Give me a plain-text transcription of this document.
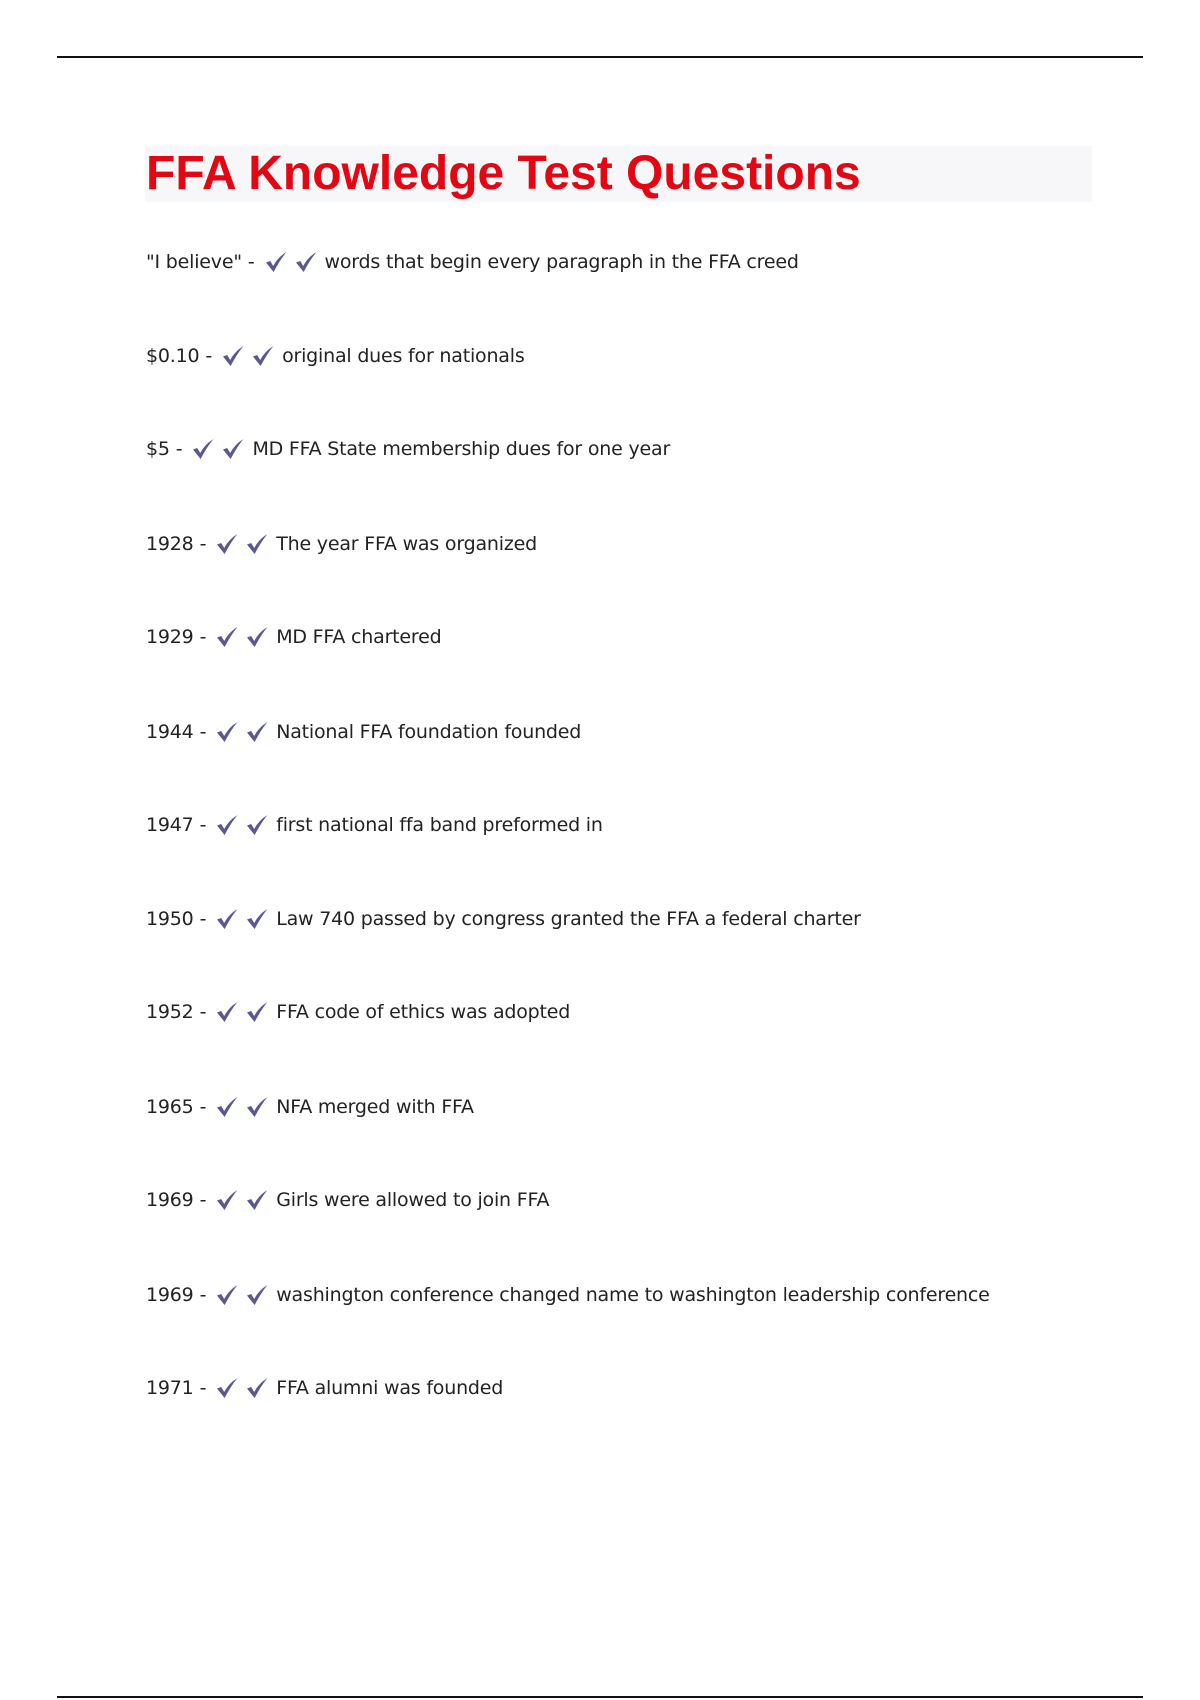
FFA Knowledge Test Questions
"I believe" -	words that begin every paragraph in the FFA creed
$0.10 -	original dues for nationals
$5 -	MD FFA State membership dues for one year
1928 -	The year FFA was organized
1929 -	MD FFA chartered
1944 -	National FFA foundation founded
1947 -	first national ffa band preformed in
1950 -	Law 740 passed by congress granted the FFA a federal charter
1952 -	FFA code of ethics was adopted
1965 -	NFA merged with FFA
1969 -	Girls were allowed to join FFA
1969 -	washington conference changed name to washington leadership conference
1971 -	FFA alumni was founded
